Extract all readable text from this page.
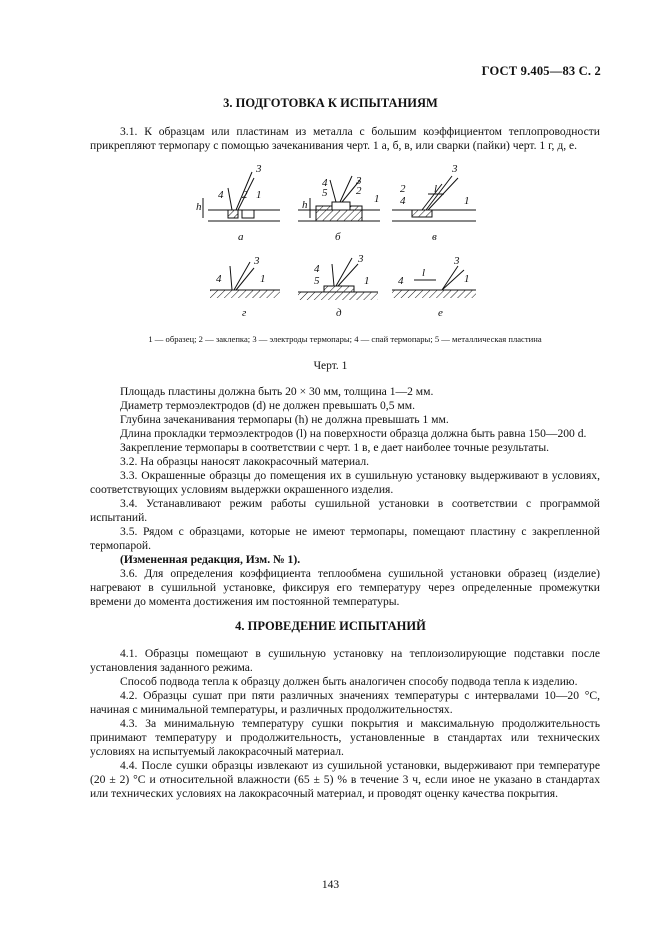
ГОСТ 9.405—83 С. 2
3. ПОДГОТОВКА К ИСПЫТАНИЯМ
3.1. К образцам или пластинам из металла с большим коэффициентом теплопроводности прикрепляют термопару с помощью зачеканивания черт. 1 а, б, в, или сварки (пайки) черт. 1 г, д, е.
а	б	в
г	д	е
3
4 2 1
h
3
4
5	2
1
h
3
2
4
l
1
3
4	1
3
4
5	1
3
4
l	1
1 — образец; 2 — заклепка; 3 — электроды термопары; 4 — спай термопары; 5 — металлическая пластина
Черт. 1
Площадь пластины должна быть 20 × 30 мм, толщина 1—2 мм.
Диаметр термоэлектродов (d) не должен превышать 0,5 мм.
Глубина зачеканивания термопары (h) не должна превышать 1 мм.
Длина прокладки термоэлектродов (l) на поверхности образца должна быть равна 150—200 d.
Закрепление термопары в соответствии с черт. 1 в, е дает наиболее точные результаты.
3.2. На образцы наносят лакокрасочный материал.
3.3. Окрашенные образцы до помещения их в сушильную установку выдерживают в условиях, соответствующих условиям выдержки окрашенного изделия.
3.4. Устанавливают режим работы сушильной установки в соответствии с программой испытаний.
3.5. Рядом с образцами, которые не имеют термопары, помещают пластину с закрепленной термопарой.
(Измененная редакция, Изм. № 1).
3.6. Для определения коэффициента теплообмена сушильной установки образец (изделие) нагревают в сушильной установке, фиксируя его температуру через определенные промежутки времени до момента достижения им постоянной температуры.
4. ПРОВЕДЕНИЕ ИСПЫТАНИЙ
4.1. Образцы помещают в сушильную установку на теплоизолирующие подставки после установления заданного режима.
Способ подвода тепла к образцу должен быть аналогичен способу подвода тепла к изделию.
4.2. Образцы сушат при пяти различных значениях температуры с интервалами 10—20 °С, начиная с минимальной температуры, и различных продолжительностях.
4.3. За минимальную температуру сушки покрытия и максимальную продолжительность принимают температуру и продолжительность, установленные в стандартах или технических условиях на испытуемый лакокрасочный материал.
4.4. После сушки образцы извлекают из сушильной установки, выдерживают при температуре (20 ± 2) °С и относительной влажности (65 ± 5) % в течение 3 ч, если иное не указано в стандартах или технических условиях на лакокрасочный материал, и проводят оценку качества покрытия.
143
